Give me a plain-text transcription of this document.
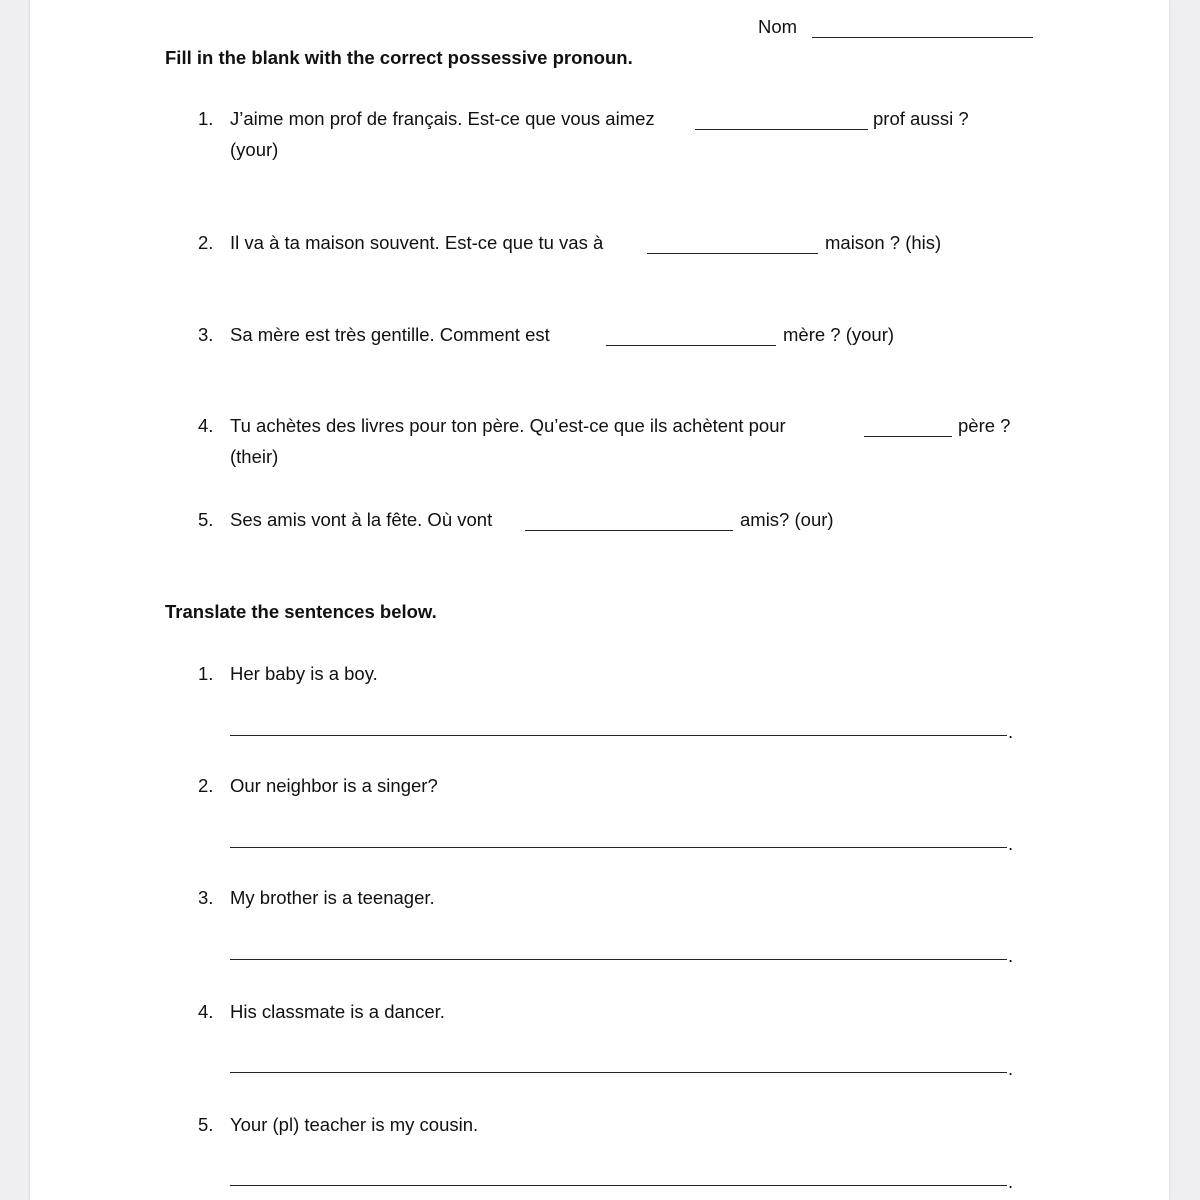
Nom
Fill in the blank with the correct possessive pronoun.
1. J’aime mon prof de français. Est-ce que vous aimez	prof aussi ?
(your)
2. Il va à ta maison souvent. Est-ce que tu vas à	maison ? (his)
3. Sa mère est très gentille. Comment est	mère ? (your)
4. Tu achètes des livres pour ton père. Qu’est-ce que ils achètent pour	père ?
(their)
5. Ses amis vont à la fête. Où vont	amis? (our)
Translate the sentences below.
1. Her baby is a boy.
.
2. Our neighbor is a singer?
.
3. My brother is a teenager.
.
4. His classmate is a dancer.
.
5. Your (pl) teacher is my cousin.
.
